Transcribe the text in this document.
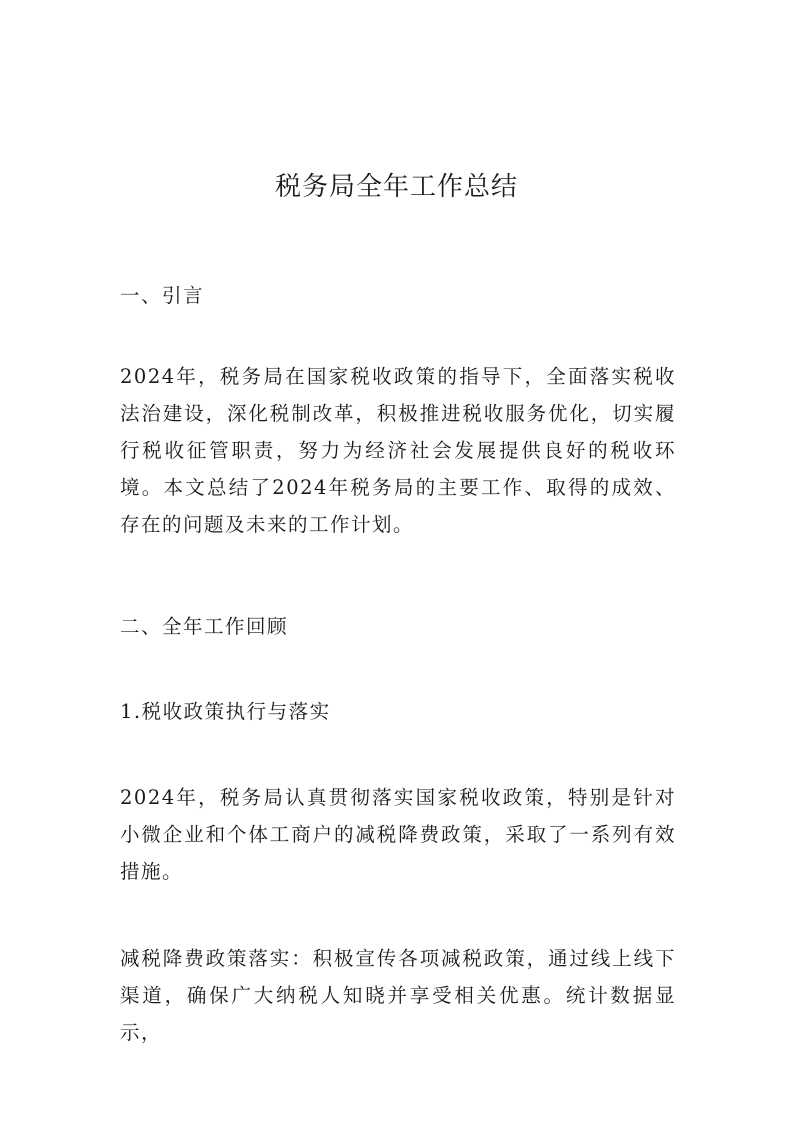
税务局全年工作总结
一、引言

2024年，税务局在国家税收政策的指导下，全面落实税收法治建设，深化税制改革，积极推进税收服务优化，切实履行税收征管职责，努力为经济社会发展提供良好的税收环境。本文总结了2024年税务局的主要工作、取得的成效、存在的问题及未来的工作计划。

二、全年工作回顾
1.税收政策执行与落实

2024年，税务局认真贯彻落实国家税收政策，特别是针对小微企业和个体工商户的减税降费政策，采取了一系列有效措施。

减税降费政策落实：积极宣传各项减税政策，通过线上线下渠道，确保广大纳税人知晓并享受相关优惠。统计数据显示，
